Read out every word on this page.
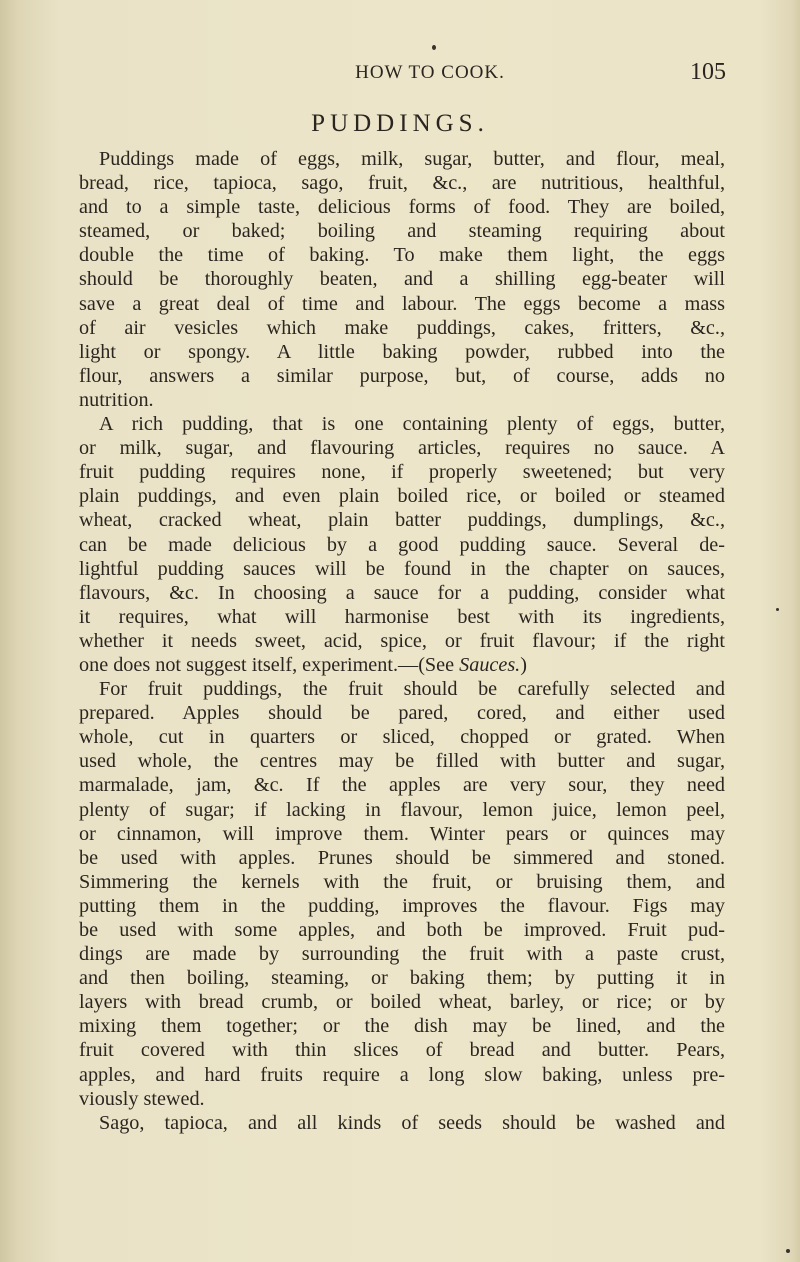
HOW TO COOK.	105
PUDDINGS.
Puddings made of eggs, milk, sugar, butter, and flour, meal,
bread, rice, tapioca, sago, fruit, &c., are nutritious, healthful,
and to a simple taste, delicious forms of food. They are boiled,
steamed, or baked; boiling and steaming requiring about
double the time of baking. To make them light, the eggs
should be thoroughly beaten, and a shilling egg-beater will
save a great deal of time and labour. The eggs become a mass
of air vesicles which make puddings, cakes, fritters, &c.,
light or spongy. A little baking powder, rubbed into the
flour, answers a similar purpose, but, of course, adds no
nutrition.
A rich pudding, that is one containing plenty of eggs, butter,
or milk, sugar, and flavouring articles, requires no sauce. A
fruit pudding requires none, if properly sweetened; but very
plain puddings, and even plain boiled rice, or boiled or steamed
wheat, cracked wheat, plain batter puddings, dumplings, &c.,
can be made delicious by a good pudding sauce. Several de-
lightful pudding sauces will be found in the chapter on sauces,
flavours, &c. In choosing a sauce for a pudding, consider what
it requires, what will harmonise best with its ingredients,
whether it needs sweet, acid, spice, or fruit flavour; if the right
one does not suggest itself, experiment.—(See Sauces.)
For fruit puddings, the fruit should be carefully selected and
prepared. Apples should be pared, cored, and either used
whole, cut in quarters or sliced, chopped or grated. When
used whole, the centres may be filled with butter and sugar,
marmalade, jam, &c. If the apples are very sour, they need
plenty of sugar; if lacking in flavour, lemon juice, lemon peel,
or cinnamon, will improve them. Winter pears or quinces may
be used with apples. Prunes should be simmered and stoned.
Simmering the kernels with the fruit, or bruising them, and
putting them in the pudding, improves the flavour. Figs may
be used with some apples, and both be improved. Fruit pud-
dings are made by surrounding the fruit with a paste crust,
and then boiling, steaming, or baking them; by putting it in
layers with bread crumb, or boiled wheat, barley, or rice; or by
mixing them together; or the dish may be lined, and the
fruit covered with thin slices of bread and butter. Pears,
apples, and hard fruits require a long slow baking, unless pre-
viously stewed.
Sago, tapioca, and all kinds of seeds should be washed and
